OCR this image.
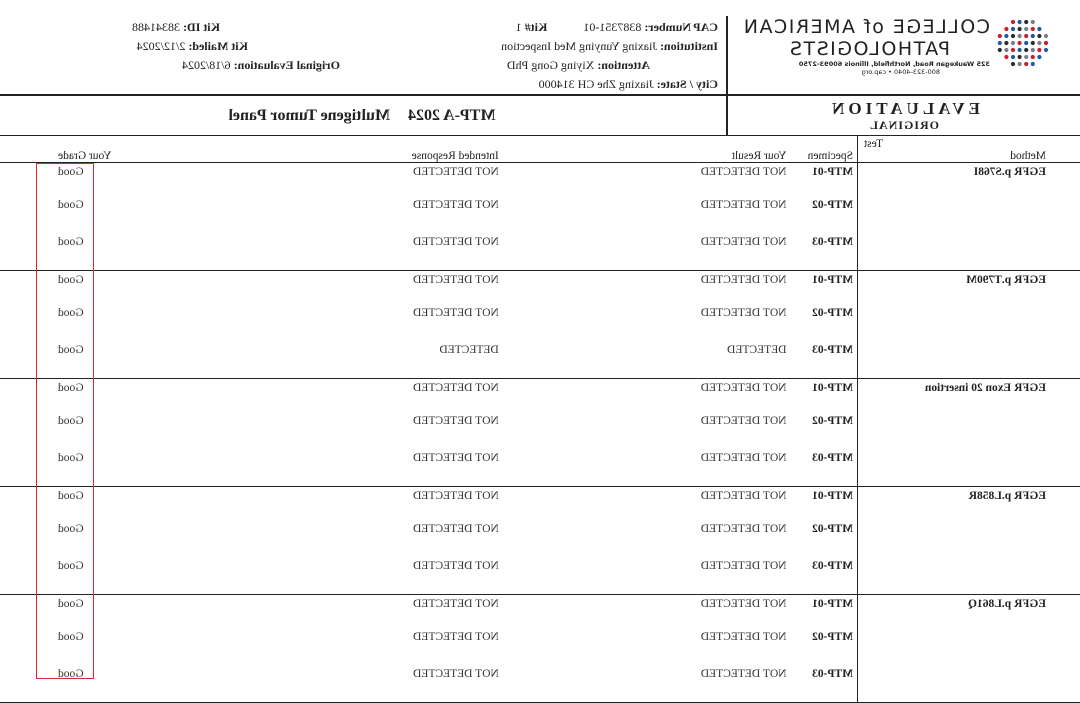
COLLEGE of AMERICAN
PATHOLOGISTS
325 Waukegan Road, Northfield, Illinois 60093-2750
800-323-4040 • cap.org
CAP Number: 8387351-01            Kit# 1
Institution: Jiaxing Yunying Med Inspection
Attention: Xiying Gong PhD
City / State: Jiaxing Zhe CH 314000
Kit ID: 38341488
Kit Mailed: 2/12/2024
Original Evaluation: 6/18/2024
EVALUATION
ORIGINAL
MTP-A 2024 Multigene Tumor Panel
Test
Method	Specimen	Your Result	Intended Response	Your Grade
EGFR p.S768I	MTP-01	NOT DETECTED	NOT DETECTED	Good
	MTP-02	NOT DETECTED	NOT DETECTED	Good
	MTP-03	NOT DETECTED	NOT DETECTED	Good
EGFR p.T790M	MTP-01	NOT DETECTED	NOT DETECTED	Good
	MTP-02	NOT DETECTED	NOT DETECTED	Good
	MTP-03	DETECTED	DETECTED	Good
EGFR Exon 20 insertion	MTP-01	NOT DETECTED	NOT DETECTED	Good
	MTP-02	NOT DETECTED	NOT DETECTED	Good
	MTP-03	NOT DETECTED	NOT DETECTED	Good
EGFR p.L858R	MTP-01	NOT DETECTED	NOT DETECTED	Good
	MTP-02	NOT DETECTED	NOT DETECTED	Good
	MTP-03	NOT DETECTED	NOT DETECTED	Good
EGFR p.L861Q	MTP-01	NOT DETECTED	NOT DETECTED	Good
	MTP-02	NOT DETECTED	NOT DETECTED	Good
	MTP-03	NOT DETECTED	NOT DETECTED	Good
